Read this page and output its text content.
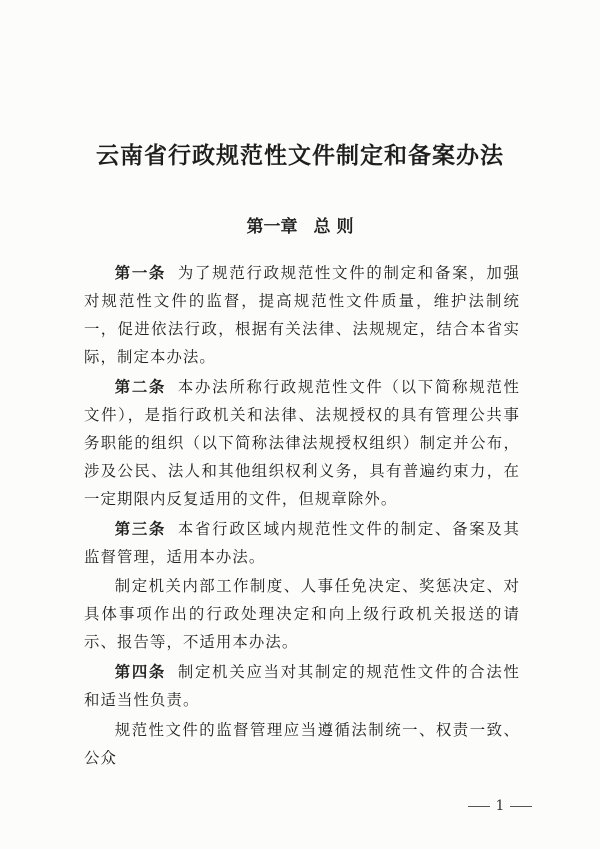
云南省行政规范性文件制定和备案办法
第一章 总 则

第一条 为了规范行政规范性文件的制定和备案，加强对规范性文件的监督，提高规范性文件质量，维护法制统一，促进依法行政，根据有关法律、法规规定，结合本省实际，制定本办法。

第二条 本办法所称行政规范性文件（以下简称规范性文件），是指行政机关和法律、法规授权的具有管理公共事务职能的组织（以下简称法律法规授权组织）制定并公布，涉及公民、法人和其他组织权利义务，具有普遍约束力，在一定期限内反复适用的文件，但规章除外。

第三条 本省行政区域内规范性文件的制定、备案及其监督管理，适用本办法。

制定机关内部工作制度、人事任免决定、奖惩决定、对具体事项作出的行政处理决定和向上级行政机关报送的请示、报告等，不适用本办法。

第四条 制定机关应当对其制定的规范性文件的合法性和适当性负责。

规范性文件的监督管理应当遵循法制统一、权责一致、公众

1
